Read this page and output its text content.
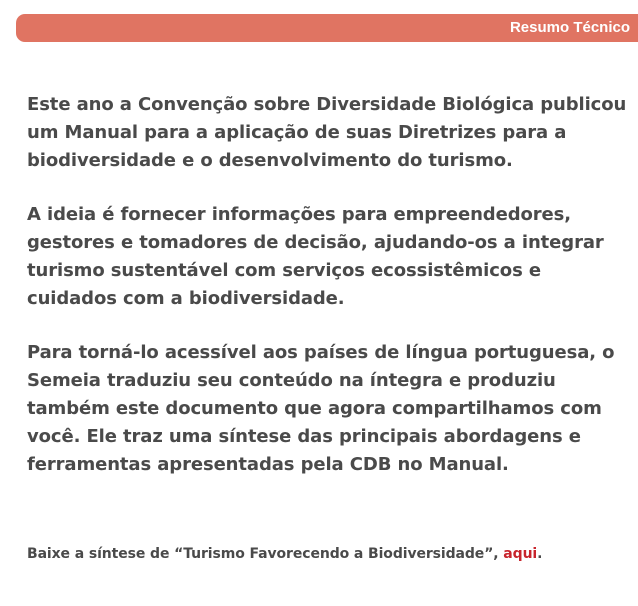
Resumo Técnico

Este ano a Convenção sobre Diversidade Biológica publicou um Manual para a aplicação de suas Diretrizes para a biodiversidade e o desenvolvimento do turismo.

A ideia é fornecer informações para empreendedores, gestores e tomadores de decisão, ajudando-os a integrar turismo sustentável com serviços ecossistêmicos e cuidados com a biodiversidade.

Para torná-lo acessível aos países de língua portuguesa, o Semeia traduziu seu conteúdo na íntegra e produziu também este documento que agora compartilhamos com você. Ele traz uma síntese das principais abordagens e ferramentas apresentadas pela CDB no Manual.

Baixe a síntese de “Turismo Favorecendo a Biodiversidade”, aqui.
